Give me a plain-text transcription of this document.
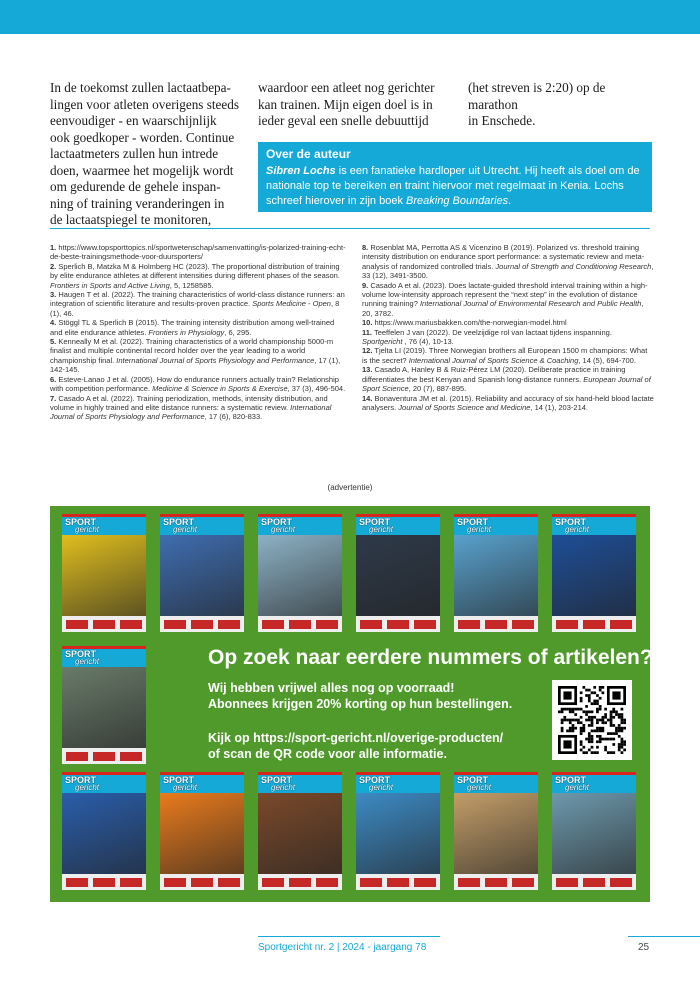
In de toekomst zullen lactaatbepa-
lingen voor atleten overigens steeds
eenvoudiger - en waarschijnlijk
ook goedkoper - worden. Continue
lactaatmeters zullen hun intrede
doen, waarmee het mogelijk wordt
om gedurende de gehele inspan-
ning of training veranderingen in
de lactaatspiegel te monitoren,
waardoor een atleet nog gerichter
kan trainen. Mijn eigen doel is in
ieder geval een snelle debuuttijd
(het streven is 2:20) op de marathon
in Enschede.
Over de auteur
Sibren Lochs is een fanatieke hardloper uit Utrecht. Hij heeft als doel om de nationale top te bereiken en traint hiervoor met regelmaat in Kenia. Lochs schreef hierover in zijn boek Breaking Boundaries.

1. https://www.topsporttopics.nl/sportwetenschap/samenvatting/is-polarized-training-echt-de-beste-trainingsmethode-voor-duursporters/

2. Sperlich B, Matzka M & Holmberg HC (2023). The proportional distribution of training by elite endurance athletes at different intensities during different phases of the season. Frontiers in Sports and Active Living, 5, 1258585.

3. Haugen T et al. (2022). The training characteristics of world-class distance runners: an integration of scientific literature and results-proven practice. Sports Medicine - Open, 8 (1), 46.

4. Stöggl TL & Sperlich B (2015). The training intensity distribution among well-trained and elite endurance athletes. Frontiers in Physiology, 6, 295.

5. Kenneally M et al. (2022). Training characteristics of a world championship 5000-m finalist and multiple continental record holder over the year leading to a world championship final. International Journal of Sports Physiology and Performance, 17 (1), 142-145.

6. Esteve-Lanao J et al. (2005). How do endurance runners actually train? Relationship with competition performance. Medicine & Science in Sports & Exercise, 37 (3), 496-504.

7. Casado A et al. (2022). Training periodization, methods, intensity distribution, and volume in highly trained and elite distance runners: a systematic review. International Journal of Sports Physiology and Performance, 17 (6), 820-833.

8. Rosenblat MA, Perrotta AS & Vicenzino B (2019). Polarized vs. threshold training intensity distribution on endurance sport performance: a systematic review and meta-analysis of randomized controlled trials. Journal of Strength and Conditioning Research, 33 (12), 3491-3500.

9. Casado A et al. (2023). Does lactate-guided threshold interval training within a high-volume low-intensity approach represent the “next step” in the evolution of distance running training? International Journal of Environmental Research and Public Health, 20, 3782.

10. https://www.mariusbakken.com/the-norwegian-model.html

11. Teeffelen J van (2022). De veelzijdige rol van lactaat tijdens inspanning. Sportgericht , 76 (4), 10-13.

12. Tjelta LI (2019). Three Norwegian brothers all European 1500 m champions: What is the secret? International Journal of Sports Science & Coaching, 14 (5), 694-700.

13. Casado A, Hanley B & Ruiz-Pérez LM (2020). Deliberate practice in training differentiates the best Kenyan and Spanish long-distance runners. European Journal of Sport Science, 20 (7), 887-895.

14. Bonaventura JM et al. (2015). Reliability and accuracy of six hand-held blood lactate analysers. Journal of Sports Science and Medicine, 14 (1), 203-214.

(advertentie)
Op zoek naar eerdere nummers of artikelen?
Wij hebben vrijwel alles nog op voorraad!
Abonnees krijgen 20% korting op hun bestellingen.
Kijk op https://sport-gericht.nl/overige-producten/
of scan de QR code voor alle informatie.
SPORT
gericht
SPORT
gericht
SPORT
gericht
SPORT
gericht
SPORT
gericht
SPORT
gericht
SPORT
gericht
SPORT
gericht
SPORT
gericht
SPORT
gericht
SPORT
gericht
SPORT
gericht
SPORT
gericht
Sportgericht nr. 2 | 2024 - jaargang 78	25
